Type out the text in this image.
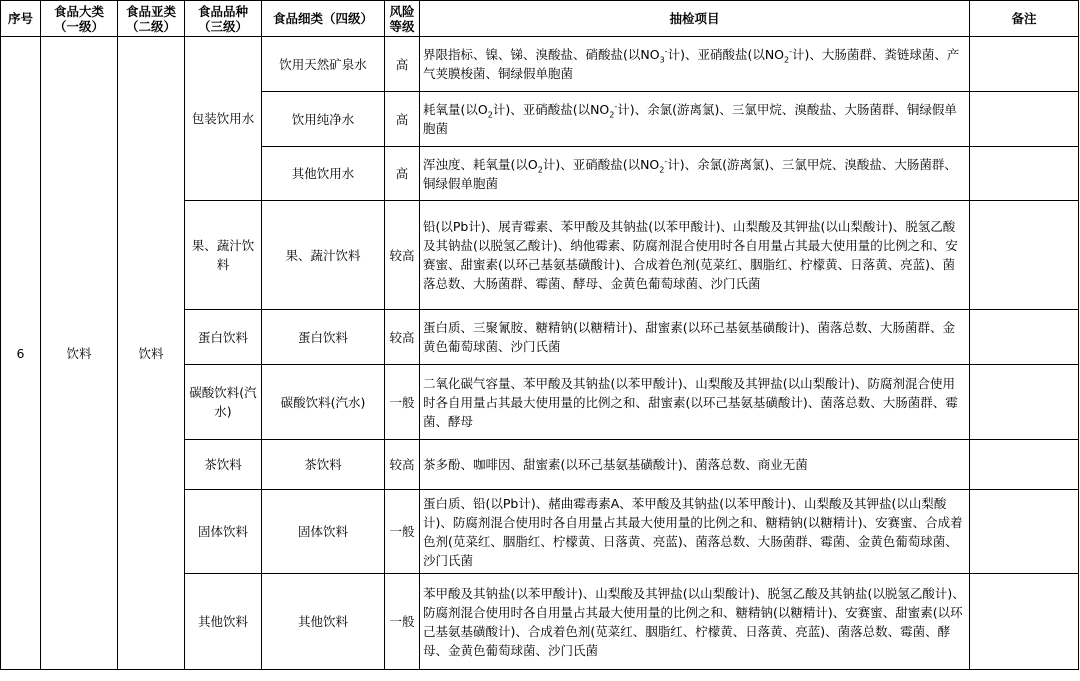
序号	食品大类（一级）	食品亚类（二级）	食品品种（三级）	食品细类（四级）	风险等级	抽检项目	备注
6	饮料	饮料	包装饮用水	饮用天然矿泉水	高	界限指标、镍、锑、溴酸盐、硝酸盐(以$NO_3^-$计)、亚硝酸盐(以$NO_2^-$计)、大肠菌群、粪链球菌、产气荚膜梭菌、铜绿假单胞菌	
				饮用纯净水	高	耗氧量(以$O_2$计)、亚硝酸盐(以$NO_2^-$计)、余氯(游离氯)、三氯甲烷、溴酸盐、大肠菌群、铜绿假单胞菌	
				其他饮用水	高	浑浊度、耗氧量(以$O_2$计)、亚硝酸盐(以$NO_2^-$计)、余氯(游离氯)、三氯甲烷、溴酸盐、大肠菌群、铜绿假单胞菌	
			果、蔬汁饮料	果、蔬汁饮料	较高	铅(以Pb计)、展青霉素、苯甲酸及其钠盐(以苯甲酸计)、山梨酸及其钾盐(以山梨酸计)、脱氢乙酸及其钠盐(以脱氢乙酸计)、纳他霉素、防腐剂混合使用时各自用量占其最大使用量的比例之和、安赛蜜、甜蜜素(以环己基氨基磺酸计)、合成着色剂(苋菜红、胭脂红、柠檬黄、日落黄、亮蓝)、菌落总数、大肠菌群、霉菌、酵母、金黄色葡萄球菌、沙门氏菌	
			蛋白饮料	蛋白饮料	较高	蛋白质、三聚氰胺、糖精钠(以糖精计)、甜蜜素(以环己基氨基磺酸计)、菌落总数、大肠菌群、金黄色葡萄球菌、沙门氏菌	
			碳酸饮料(汽水)	碳酸饮料(汽水)	一般	二氧化碳气容量、苯甲酸及其钠盐(以苯甲酸计)、山梨酸及其钾盐(以山梨酸计)、防腐剂混合使用时各自用量占其最大使用量的比例之和、甜蜜素(以环己基氨基磺酸计)、菌落总数、大肠菌群、霉菌、酵母	
			茶饮料	茶饮料	较高	茶多酚、咖啡因、甜蜜素(以环己基氨基磺酸计)、菌落总数、商业无菌	
			固体饮料	固体饮料	一般	蛋白质、铅(以Pb计)、赭曲霉毒素A、苯甲酸及其钠盐(以苯甲酸计)、山梨酸及其钾盐(以山梨酸计)、防腐剂混合使用时各自用量占其最大使用量的比例之和、糖精钠(以糖精计)、安赛蜜、合成着色剂(苋菜红、胭脂红、柠檬黄、日落黄、亮蓝)、菌落总数、大肠菌群、霉菌、金黄色葡萄球菌、沙门氏菌	
			其他饮料	其他饮料	一般	苯甲酸及其钠盐(以苯甲酸计)、山梨酸及其钾盐(以山梨酸计)、脱氢乙酸及其钠盐(以脱氢乙酸计)、防腐剂混合使用时各自用量占其最大使用量的比例之和、糖精钠(以糖精计)、安赛蜜、甜蜜素(以环己基氨基磺酸计)、合成着色剂(苋菜红、胭脂红、柠檬黄、日落黄、亮蓝)、菌落总数、霉菌、酵母、金黄色葡萄球菌、沙门氏菌	
